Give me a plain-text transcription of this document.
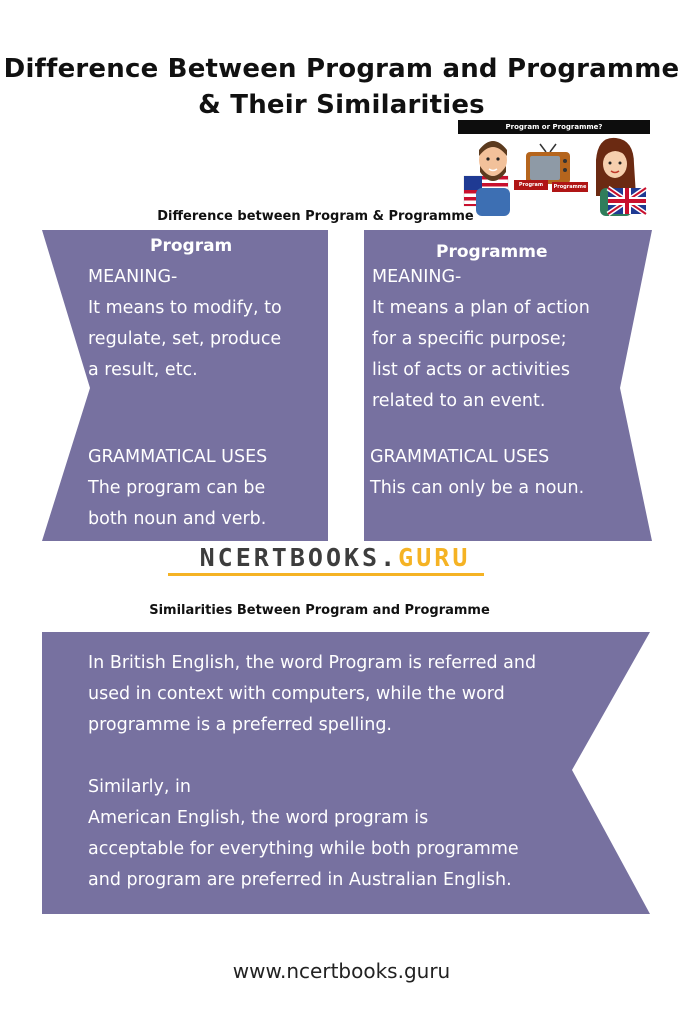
Difference Between Program and Programme
& Their Similarities
Program or Programme?
Program	Programme
Difference between Program & Programme
Program

MEANING-

It means to modify, to

regulate, set, produce

a result, etc.

GRAMMATICAL USES

The program can be

both noun and verb.

Programme

MEANING-

It means a plan of action

for a specific purpose;

list of acts or activities

related to an event.

GRAMMATICAL USES

This can only be a noun.

NCERTBOOKS.GURU
Similarities Between Program and Programme

In British English, the word Program is referred and

used in context with computers, while the word

programme is a preferred spelling.

Similarly, in

American English, the word program is

acceptable for everything while both programme

and program are preferred in Australian English.

www.ncertbooks.guru
